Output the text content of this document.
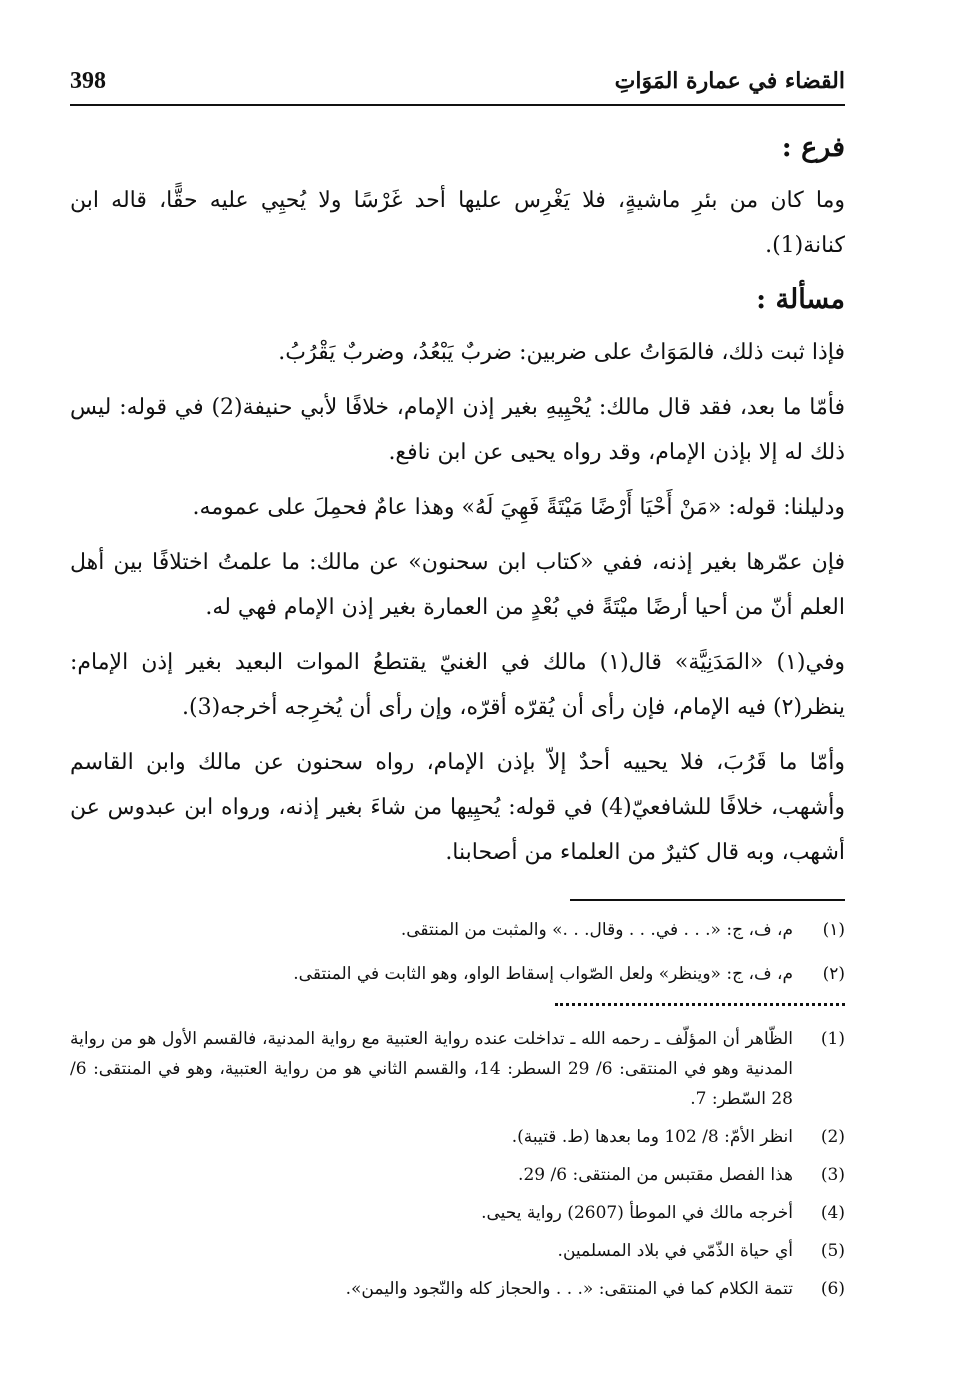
398	القضاء في عمارة المَوَاتِ
فرع :

وما كان من بئرِ ماشيةٍ، فلا يَغْرِس عليها أحد غَرْسًا ولا يُحيِي عليه حقًّا، قاله ابن كنانة(1).

مسألة :

فإذا ثبت ذلك، فالمَوَاتُ على ضربين: ضربٌ يَبْعُدُ، وضربٌ يَقْرُبُ.

فأمّا ما بعد، فقد قال مالك: يُحْيِيهِ بغير إذن الإمام، خلافًا لأبي حنيفة(2) في قوله: ليس ذلك له إلا بإذن الإمام، وقد رواه يحيى عن ابن نافع.

ودليلنا: قوله: «مَنْ أَحْيَا أَرْضًا مَيْتَةً فَهِيَ لَهُ» وهذا عامٌ فحمِلَ على عمومه.

فإن عمّرها بغير إذنه، ففي «كتاب ابن سحنون» عن مالك: ما علمتُ اختلافًا بين أهل العلم أنّ من أحيا أرضًا ميْتَةً في بُعْدٍ من العمارة بغير إذن الإمام فهي له.

وفي(١) «المَدَنِيَّة» قال(١) مالك في الغنيّ يقتطعُ الموات البعيد بغير إذن الإمام: ينظر(٢) فيه الإمام، فإن رأى أن يُقرّه أقرّه، وإن رأى أن يُخرِجه أخرجه(3).

وأمّا ما قَرُبَ، فلا يحييه أحدٌ إلاّ بإذن الإمام، رواه سحنون عن مالك وابن القاسم وأشهب، خلافًا للشافعيّ(4) في قوله: يُحيِيها من شاءَ بغير إذنه، ورواه ابن عبدوس عن أشهب، وبه قال كثيرٌ من العلماء من أصحابنا.

(١)
م، ف، ج: «. . . في. . . وقال. . .» والمثبت من المنتقى.
(٢)
م، ف، ج: «وينظر» ولعل الصّواب إسقاط الواو، وهو الثابت في المنتقى.
(1)
الظّاهر أن المؤلّف ـ رحمه الله ـ تداخلت عنده رواية العتبية مع رواية المدنية، فالقسم الأول هو من رواية المدنية وهو في المنتقى: 6/ 29 السطر: 14، والقسم الثاني هو من رواية العتبية، وهو في المنتقى: 6/ 28 السّطر: 7.
(2)
انظر الأمّ: 8/ 102 وما بعدها (ط. قتيبة).
(3)
هذا الفصل مقتبس من المنتقى: 6/ 29.
(4)
أخرجه مالك في الموطأ (2607) رواية يحيى.
(5)
أي حياة الذّمّي في بلاد المسلمين.
(6)
تتمة الكلام كما في المنتقى: «. . . والحجاز كله والنّجود واليمن».
